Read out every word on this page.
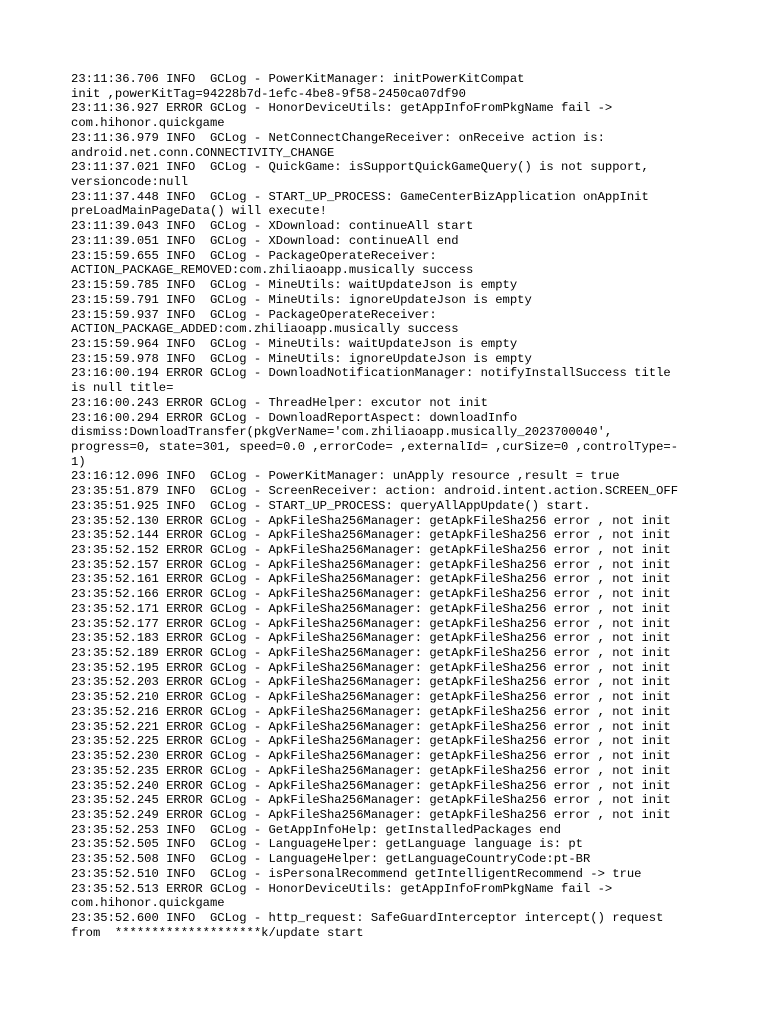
23:11:36.706 INFO  GCLog - PowerKitManager: initPowerKitCompat
init ,powerKitTag=94228b7d-1efc-4be8-9f58-2450ca07df90
23:11:36.927 ERROR GCLog - HonorDeviceUtils: getAppInfoFromPkgName fail ->
com.hihonor.quickgame
23:11:36.979 INFO  GCLog - NetConnectChangeReceiver: onReceive action is:
android.net.conn.CONNECTIVITY_CHANGE
23:11:37.021 INFO  GCLog - QuickGame: isSupportQuickGameQuery() is not support,
versioncode:null
23:11:37.448 INFO  GCLog - START_UP_PROCESS: GameCenterBizApplication onAppInit
preLoadMainPageData() will execute!
23:11:39.043 INFO  GCLog - XDownload: continueAll start
23:11:39.051 INFO  GCLog - XDownload: continueAll end
23:15:59.655 INFO  GCLog - PackageOperateReceiver:
ACTION_PACKAGE_REMOVED:com.zhiliaoapp.musically success
23:15:59.785 INFO  GCLog - MineUtils: waitUpdateJson is empty
23:15:59.791 INFO  GCLog - MineUtils: ignoreUpdateJson is empty
23:15:59.937 INFO  GCLog - PackageOperateReceiver:
ACTION_PACKAGE_ADDED:com.zhiliaoapp.musically success
23:15:59.964 INFO  GCLog - MineUtils: waitUpdateJson is empty
23:15:59.978 INFO  GCLog - MineUtils: ignoreUpdateJson is empty
23:16:00.194 ERROR GCLog - DownloadNotificationManager: notifyInstallSuccess title
is null title=
23:16:00.243 ERROR GCLog - ThreadHelper: excutor not init
23:16:00.294 ERROR GCLog - DownloadReportAspect: downloadInfo
dismiss:DownloadTransfer(pkgVerName='com.zhiliaoapp.musically_2023700040',
progress=0, state=301, speed=0.0 ,errorCode= ,externalId= ,curSize=0 ,controlType=-
1)
23:16:12.096 INFO  GCLog - PowerKitManager: unApply resource ,result = true
23:35:51.879 INFO  GCLog - ScreenReceiver: action: android.intent.action.SCREEN_OFF
23:35:51.925 INFO  GCLog - START_UP_PROCESS: queryAllAppUpdate() start.
23:35:52.130 ERROR GCLog - ApkFileSha256Manager: getApkFileSha256 error , not init
23:35:52.144 ERROR GCLog - ApkFileSha256Manager: getApkFileSha256 error , not init
23:35:52.152 ERROR GCLog - ApkFileSha256Manager: getApkFileSha256 error , not init
23:35:52.157 ERROR GCLog - ApkFileSha256Manager: getApkFileSha256 error , not init
23:35:52.161 ERROR GCLog - ApkFileSha256Manager: getApkFileSha256 error , not init
23:35:52.166 ERROR GCLog - ApkFileSha256Manager: getApkFileSha256 error , not init
23:35:52.171 ERROR GCLog - ApkFileSha256Manager: getApkFileSha256 error , not init
23:35:52.177 ERROR GCLog - ApkFileSha256Manager: getApkFileSha256 error , not init
23:35:52.183 ERROR GCLog - ApkFileSha256Manager: getApkFileSha256 error , not init
23:35:52.189 ERROR GCLog - ApkFileSha256Manager: getApkFileSha256 error , not init
23:35:52.195 ERROR GCLog - ApkFileSha256Manager: getApkFileSha256 error , not init
23:35:52.203 ERROR GCLog - ApkFileSha256Manager: getApkFileSha256 error , not init
23:35:52.210 ERROR GCLog - ApkFileSha256Manager: getApkFileSha256 error , not init
23:35:52.216 ERROR GCLog - ApkFileSha256Manager: getApkFileSha256 error , not init
23:35:52.221 ERROR GCLog - ApkFileSha256Manager: getApkFileSha256 error , not init
23:35:52.225 ERROR GCLog - ApkFileSha256Manager: getApkFileSha256 error , not init
23:35:52.230 ERROR GCLog - ApkFileSha256Manager: getApkFileSha256 error , not init
23:35:52.235 ERROR GCLog - ApkFileSha256Manager: getApkFileSha256 error , not init
23:35:52.240 ERROR GCLog - ApkFileSha256Manager: getApkFileSha256 error , not init
23:35:52.245 ERROR GCLog - ApkFileSha256Manager: getApkFileSha256 error , not init
23:35:52.249 ERROR GCLog - ApkFileSha256Manager: getApkFileSha256 error , not init
23:35:52.253 INFO  GCLog - GetAppInfoHelp: getInstalledPackages end
23:35:52.505 INFO  GCLog - LanguageHelper: getLanguage language is: pt
23:35:52.508 INFO  GCLog - LanguageHelper: getLanguageCountryCode:pt-BR
23:35:52.510 INFO  GCLog - isPersonalRecommend getIntelligentRecommend -> true
23:35:52.513 ERROR GCLog - HonorDeviceUtils: getAppInfoFromPkgName fail ->
com.hihonor.quickgame
23:35:52.600 INFO  GCLog - http_request: SafeGuardInterceptor intercept() request
from  ********************k/update start
